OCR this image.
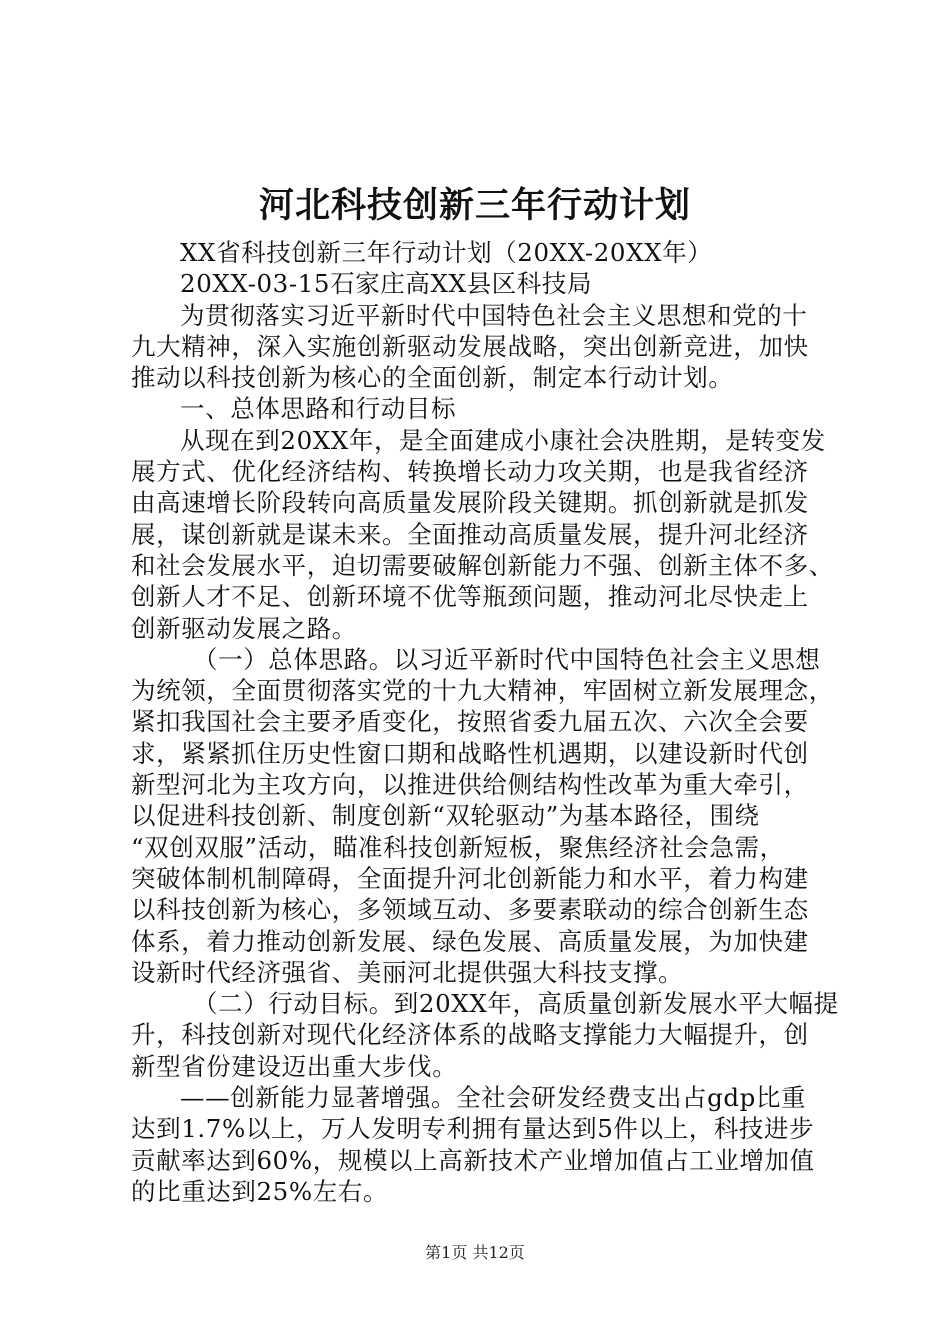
河北科技创新三年行动计划
XX省科技创新三年行动计划（20XX-20XX年）
20XX-03-15石家庄高XX县区科技局
为贯彻落实习近平新时代中国特色社会主义思想和党的十
九大精神，深入实施创新驱动发展战略，突出创新竞进，加快
推动以科技创新为核心的全面创新，制定本行动计划。
一、总体思路和行动目标
从现在到20XX年，是全面建成小康社会决胜期，是转变发
展方式、优化经济结构、转换增长动力攻关期，也是我省经济
由高速增长阶段转向高质量发展阶段关键期。抓创新就是抓发
展，谋创新就是谋未来。全面推动高质量发展，提升河北经济
和社会发展水平，迫切需要破解创新能力不强、创新主体不多、
创新人才不足、创新环境不优等瓶颈问题，推动河北尽快走上
创新驱动发展之路。
（一）总体思路。以习近平新时代中国特色社会主义思想
为统领，全面贯彻落实党的十九大精神，牢固树立新发展理念，
紧扣我国社会主要矛盾变化，按照省委九届五次、六次全会要
求，紧紧抓住历史性窗口期和战略性机遇期，以建设新时代创
新型河北为主攻方向，以推进供给侧结构性改革为重大牵引，
以促进科技创新、制度创新“双轮驱动”为基本路径，围绕
“双创双服”活动，瞄准科技创新短板，聚焦经济社会急需，
突破体制机制障碍，全面提升河北创新能力和水平，着力构建
以科技创新为核心，多领域互动、多要素联动的综合创新生态
体系，着力推动创新发展、绿色发展、高质量发展，为加快建
设新时代经济强省、美丽河北提供强大科技支撑。
（二）行动目标。到20XX年，高质量创新发展水平大幅提
升，科技创新对现代化经济体系的战略支撑能力大幅提升，创
新型省份建设迈出重大步伐。
——创新能力显著增强。全社会研发经费支出占gdp比重
达到1.7%以上，万人发明专利拥有量达到5件以上，科技进步
贡献率达到60%，规模以上高新技术产业增加值占工业增加值
的比重达到25%左右。
第1页 共12页
